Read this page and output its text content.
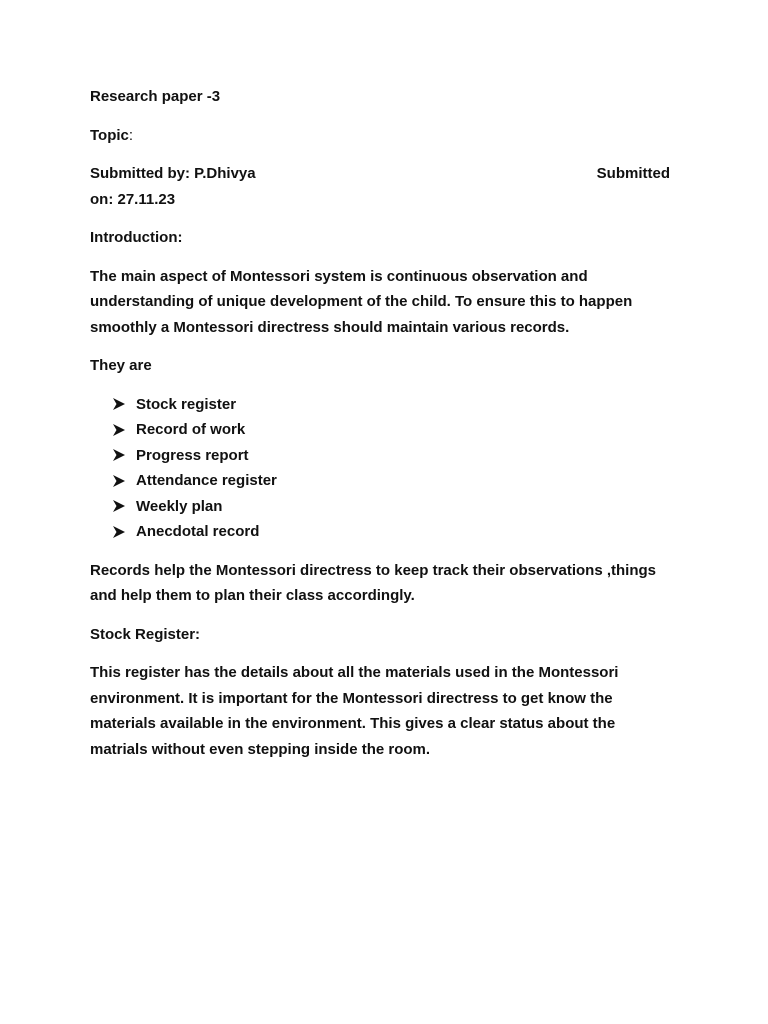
Research paper -3

Topic:

Submitted by: P.Dhivya	Submitted

on: 27.11.23

Introduction:

The main aspect of Montessori system is continuous observation and understanding of unique development of the child. To ensure this to happen smoothly a Montessori directress should maintain various records.

They are

Stock register
Record of work
Progress report
Attendance register
Weekly plan
Anecdotal record

Records help the Montessori directress to keep track their observations ,things and help them to plan their class accordingly.

Stock Register:

This register has the details about all the materials used in the Montessori environment. It is important for the Montessori directress to get know the materials available in the environment. This gives a clear status about the matrials without even stepping inside the room.
